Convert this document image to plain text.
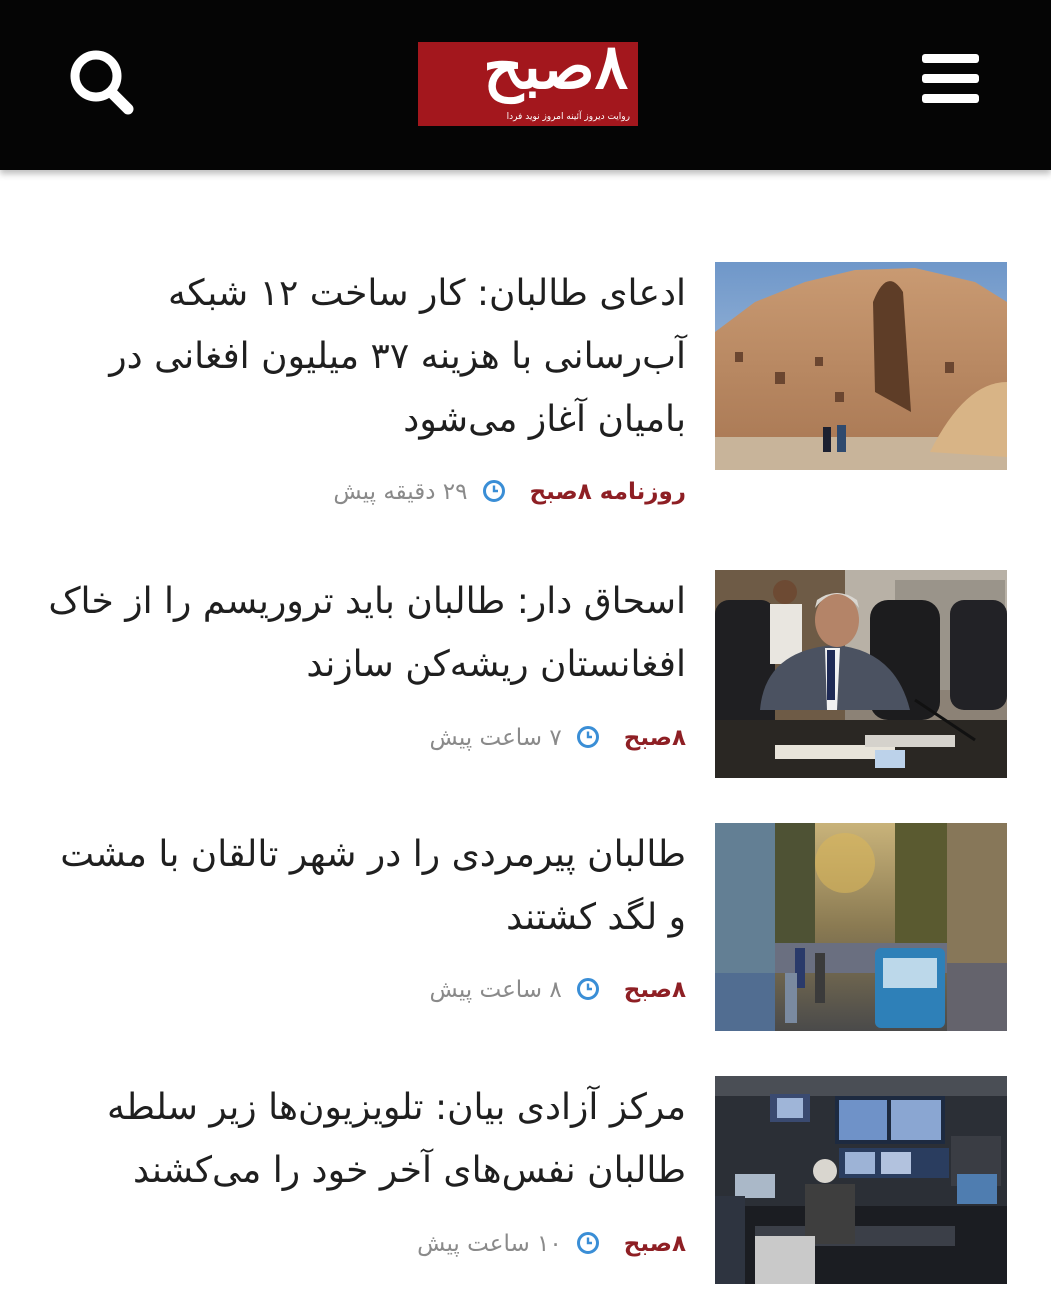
۸صبح
روایت دیروز آئینه امروز نوید فردا
ادعای طالبان: کار ساخت ۱۲ شبکه آب‌رسانی با هزینه ۳۷ میلیون افغانی در بامیان آغاز می‌شود
روزنامه ۸صبح۲۹ دقیقه پیش
اسحاق دار: طالبان باید تروریسم را از خاک افغانستان ریشه‌کن سازند
۸صبح۷ ساعت پیش
طالبان پیرمردی را در شهر تالقان با مشت و لگد کشتند
۸صبح۸ ساعت پیش
مرکز آزادی بیان: تلویزیون‌ها زیر سلطه طالبان نفس‌های آخر خود را می‌کشند
۸صبح۱۰ ساعت پیش
